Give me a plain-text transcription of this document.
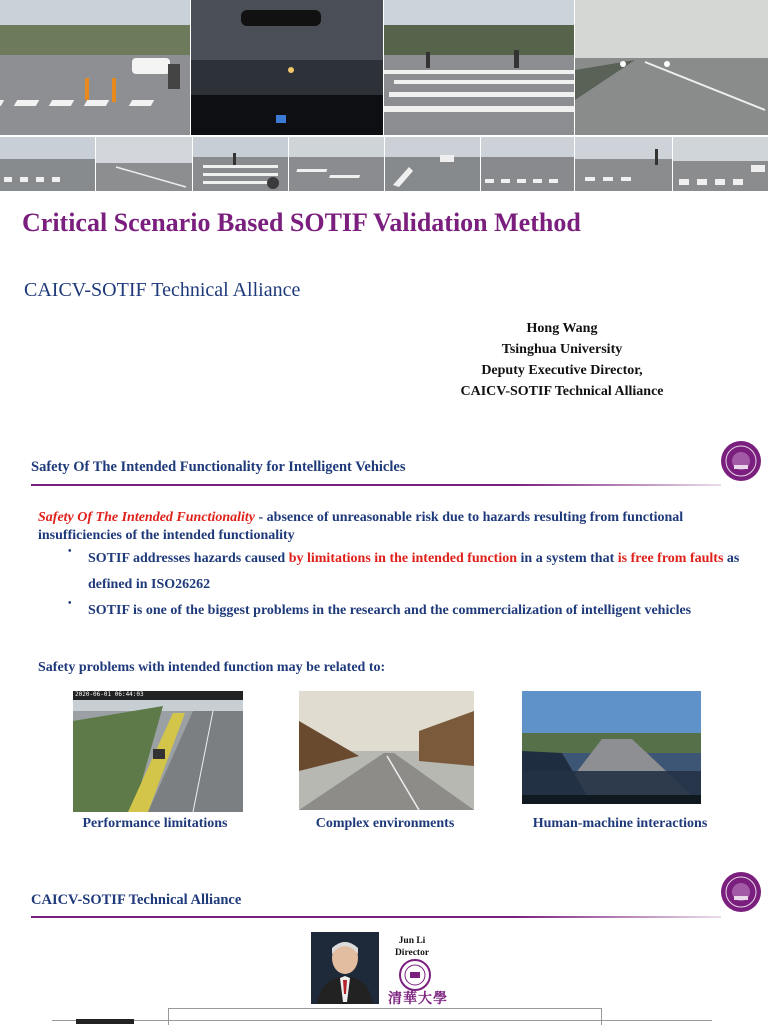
Critical Scenario Based SOTIF Validation Method
CAICV-SOTIF Technical Alliance
Hong Wang
Tsinghua University
Deputy Executive Director,
CAICV-SOTIF Technical Alliance
Safety Of The Intended Functionality for Intelligent Vehicles
Safety Of The Intended Functionality - absence of unreasonable risk due to hazards resulting from functional insufficiencies of the intended functionality
• SOTIF addresses hazards caused by limitations in the intended function in a system that is free from faults as defined in ISO26262
• SOTIF is one of the biggest problems in the research and the commercialization of intelligent vehicles
Safety problems with intended function may be related to:
2020-06-01 06:44:03
Performance limitations	Complex environments	Human-machine interactions
CAICV-SOTIF Technical Alliance
Jun Li
Director
清華大學
